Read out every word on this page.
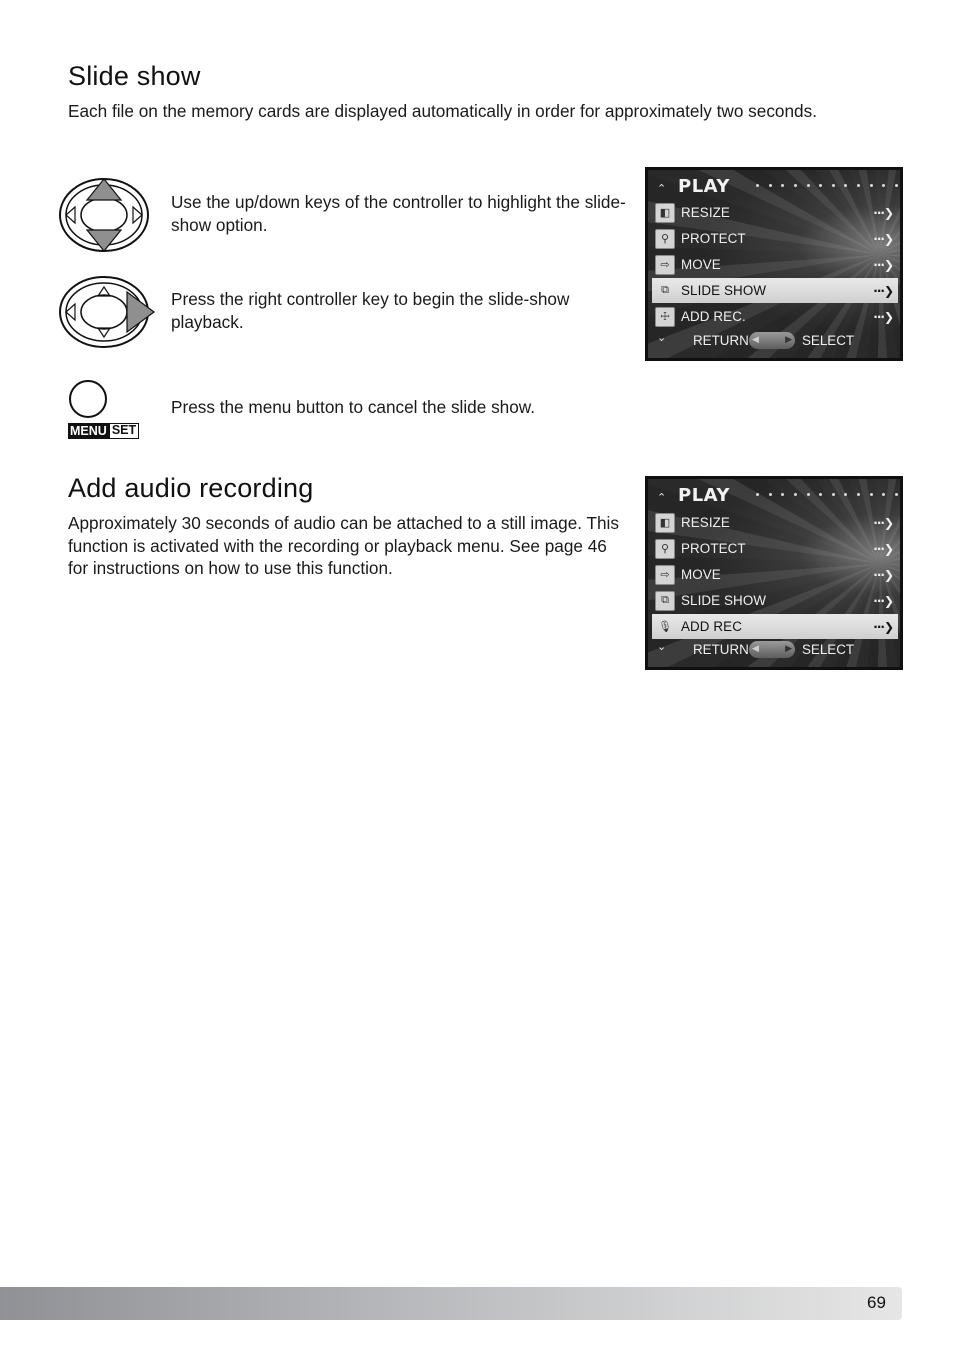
Slide show
Each file on the memory cards are displayed automatically in order for approximately two seconds.
Use the up/down keys of the controller to highlight the slide-show option.
Press the right controller key to begin the slide-show playback.
MENU SET
Press the menu button to cancel the slide show.
⌃ PLAY
◧ RESIZE	···❯
⚲ PROTECT	···❯
⇨ MOVE	···❯
⧉ SLIDE SHOW	···❯
☩ ADD REC.	···❯
⌄ RETURN ◀	▶ SELECT
Add audio recording
Approximately 30 seconds of audio can be attached to a still image. This function is activated with the recording or playback menu. See page 46 for instructions on how to use this function.
⌃ PLAY
◧ RESIZE	···❯
⚲ PROTECT	···❯
⇨ MOVE	···❯
⧉ SLIDE SHOW	···❯
🎙 ADD REC	···❯
⌄ RETURN ◀	▶ SELECT
69
